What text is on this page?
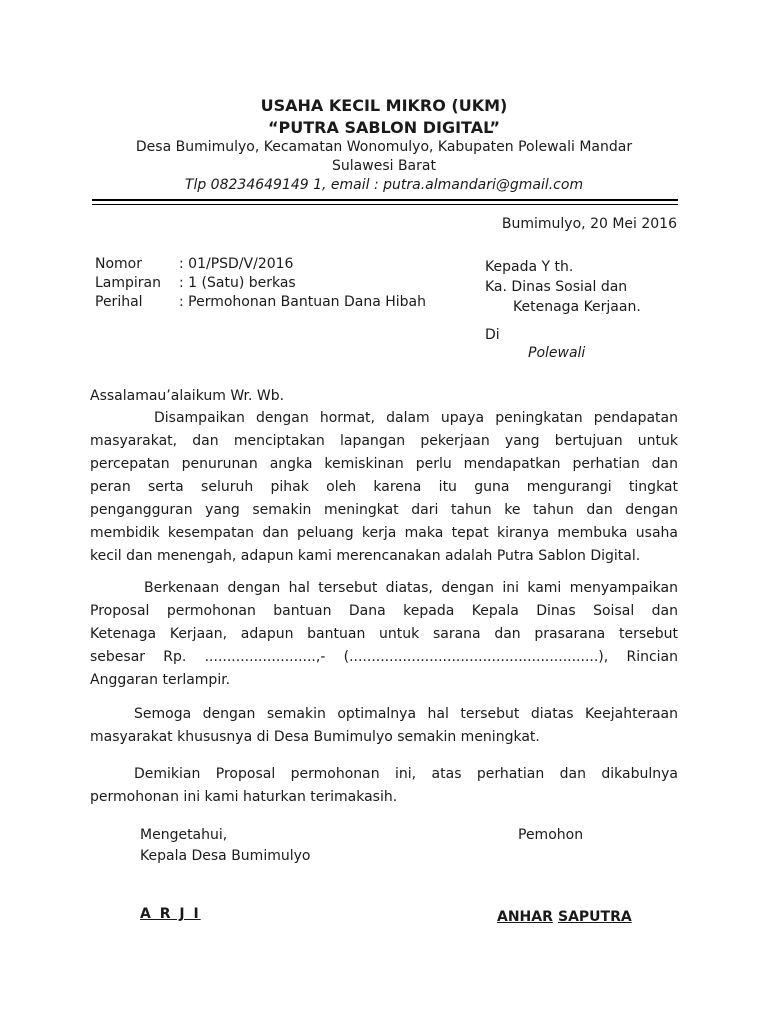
USAHA KECIL MIKRO (UKM)
“PUTRA SABLON DIGITAL”
Desa Bumimulyo, Kecamatan Wonomulyo, Kabupaten Polewali Mandar
Sulawesi Barat
Tlp 08234649149 1, email : putra.almandari@gmail.com
Bumimulyo, 20 Mei 2016
Nomor	: 01/PSD/V/2016
Lampiran : 1 (Satu) berkas
Perihal	: Permohonan Bantuan Dana Hibah
Kepada Y th.
Ka. Dinas Sosial dan
Ketenaga Kerjaan.
Di
Polewali
Assalamau’alaikum Wr. Wb.
Disampaikan dengan hormat, dalam upaya peningkatan pendapatan
masyarakat, dan menciptakan lapangan pekerjaan yang bertujuan untuk
percepatan penurunan angka kemiskinan perlu mendapatkan perhatian dan
peran serta seluruh pihak oleh karena itu guna mengurangi tingkat
pengangguran yang semakin meningkat dari tahun ke tahun dan dengan
membidik kesempatan dan peluang kerja maka tepat kiranya membuka usaha
kecil dan menengah, adapun kami merencanakan adalah Putra Sablon Digital.
Berkenaan dengan hal tersebut diatas, dengan ini kami menyampaikan
Proposal permohonan bantuan Dana kepada Kepala Dinas Soisal dan
Ketenaga Kerjaan, adapun bantuan untuk sarana dan prasarana tersebut
sebesar Rp. .........................,- (........................................................), Rincian
Anggaran terlampir.
Semoga dengan semakin optimalnya hal tersebut diatas Keejahteraan
masyarakat khususnya di Desa Bumimulyo semakin meningkat.
Demikian Proposal permohonan ini, atas perhatian dan dikabulnya
permohonan ini kami haturkan terimakasih.
Mengetahui,
Kepala Desa Bumimulyo
Pemohon
A R J I	ANHAR SAPUTRA
